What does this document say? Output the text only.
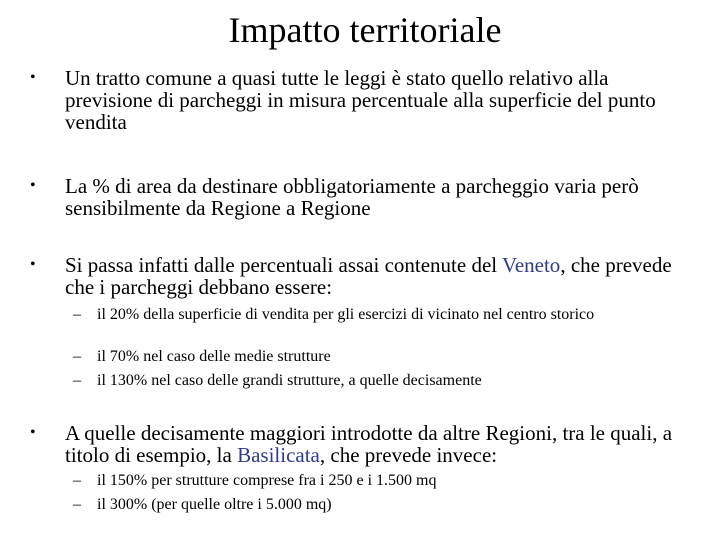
Impatto territoriale
•	Un tratto comune a quasi tutte le leggi è stato quello relativo alla previsione di parcheggi in misura percentuale alla superficie del punto vendita
•	La % di area da destinare obbligatoriamente a parcheggio varia però sensibilmente da Regione a Regione
•	Si passa infatti dalle percentuali assai contenute del Veneto, che prevede che i parcheggi debbano essere:
–	il 20% della superficie di vendita per gli esercizi di vicinato nel centro storico
–	il 70% nel caso delle medie strutture
–	il 130% nel caso delle grandi strutture, a quelle decisamente
•	A quelle decisamente maggiori introdotte da altre Regioni, tra le quali, a titolo di esempio, la Basilicata, che prevede invece:
–	il 150% per strutture comprese fra i 250 e i 1.500 mq
–	il 300% (per quelle oltre i 5.000 mq)
